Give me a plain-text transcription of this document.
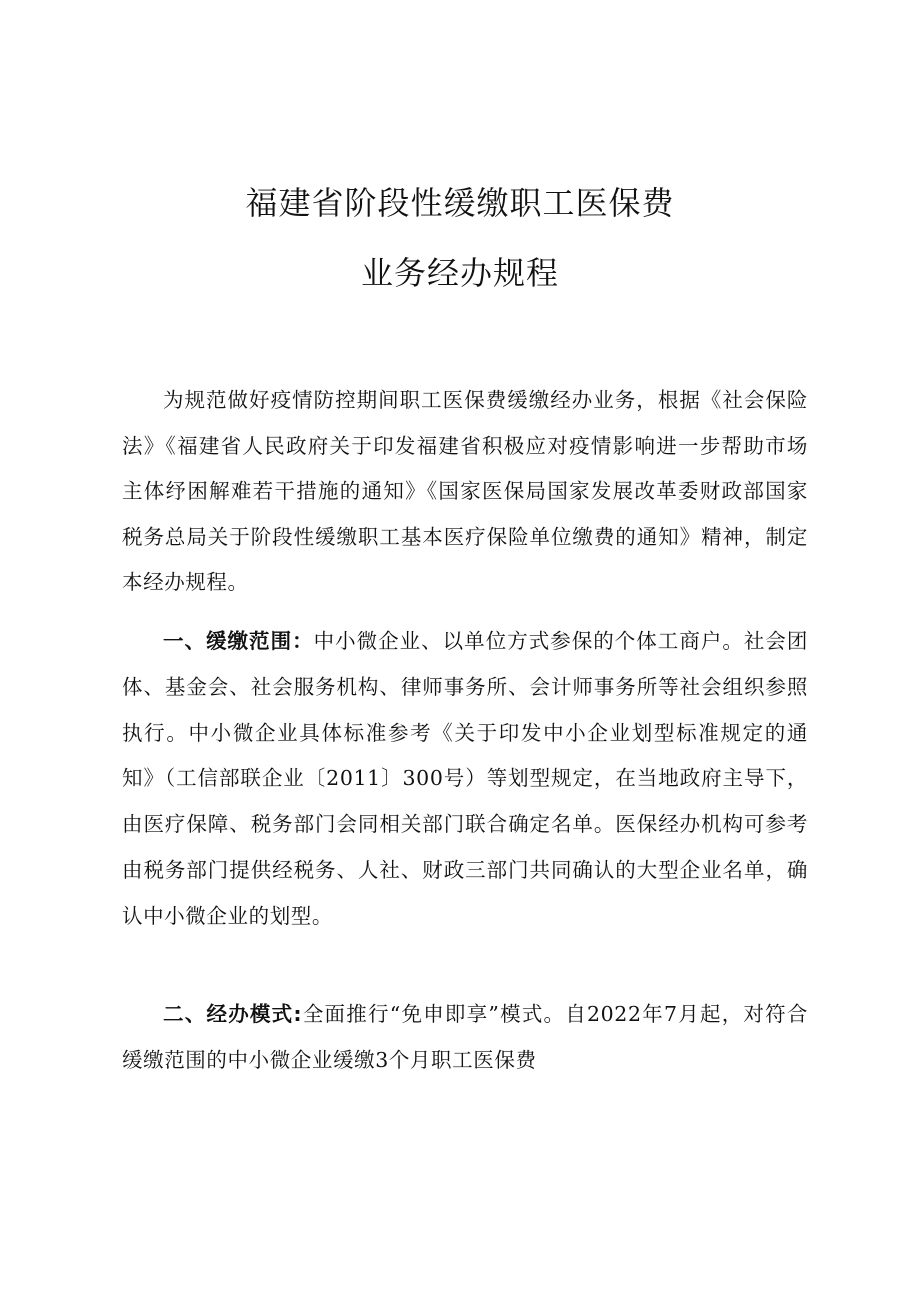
福建省阶段性缓缴职工医保费
业务经办规程

为规范做好疫情防控期间职工医保费缓缴经办业务，根据《社会保险法》《福建省人民政府关于印发福建省积极应对疫情影响进一步帮助市场主体纾困解难若干措施的通知》《国家医保局国家发展改革委财政部国家税务总局关于阶段性缓缴职工基本医疗保险单位缴费的通知》精神，制定本经办规程。

一、缓缴范围：中小微企业、以单位方式参保的个体工商户。社会团体、基金会、社会服务机构、律师事务所、会计师事务所等社会组织参照执行。中小微企业具体标准参考《关于印发中小企业划型标准规定的通知》（工信部联企业〔2011〕300号）等划型规定，在当地政府主导下，由医疗保障、税务部门会同相关部门联合确定名单。医保经办机构可参考由税务部门提供经税务、人社、财政三部门共同确认的大型企业名单，确认中小微企业的划型。

二、经办模式:全面推行“免申即享”模式。自2022年7月起，对符合缓缴范围的中小微企业缓缴3个月职工医保费
